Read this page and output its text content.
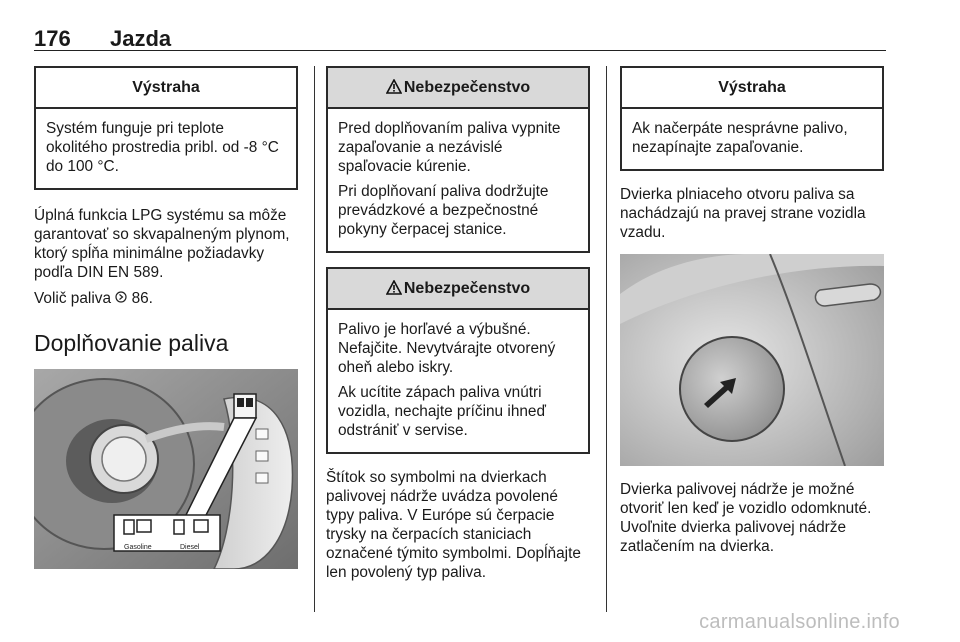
176 Jazda
Výstraha

Systém funguje pri teplote okolitého prostredia pribl. od -8 °C do 100 °C.

Úplná funkcia LPG systému sa môže garantovať so skvapalneným plynom, ktorý spĺňa minimálne požiadavky podľa DIN EN 589.

Volič paliva 86.

Doplňovanie paliva
Gasoline	Diesel
Nebezpečenstvo

Pred doplňovaním paliva vypnite zapaľovanie a nezávislé spaľovacie kúrenie.

Pri doplňovaní paliva dodržujte prevádzkové a bezpečnostné pokyny čerpacej stanice.

Nebezpečenstvo

Palivo je horľavé a výbušné. Nefajčite. Nevytvárajte otvorený oheň alebo iskry.

Ak ucítite zápach paliva vnútri vozidla, nechajte príčinu ihneď odstrániť v servise.

Štítok so symbolmi na dvierkach palivovej nádrže uvádza povolené typy paliva. V Európe sú čerpacie trysky na čerpacích staniciach označené týmito symbolmi. Dopĺňajte len povolený typ paliva.

Výstraha

Ak načerpáte nesprávne palivo, nezapínajte zapaľovanie.

Dvierka plniaceho otvoru paliva sa nachádzajú na pravej strane vozidla vzadu.

Dvierka palivovej nádrže je možné otvoriť len keď je vozidlo odomknuté. Uvoľnite dvierka palivovej nádrže zatlačením na dvierka.

carmanualsonline.info
